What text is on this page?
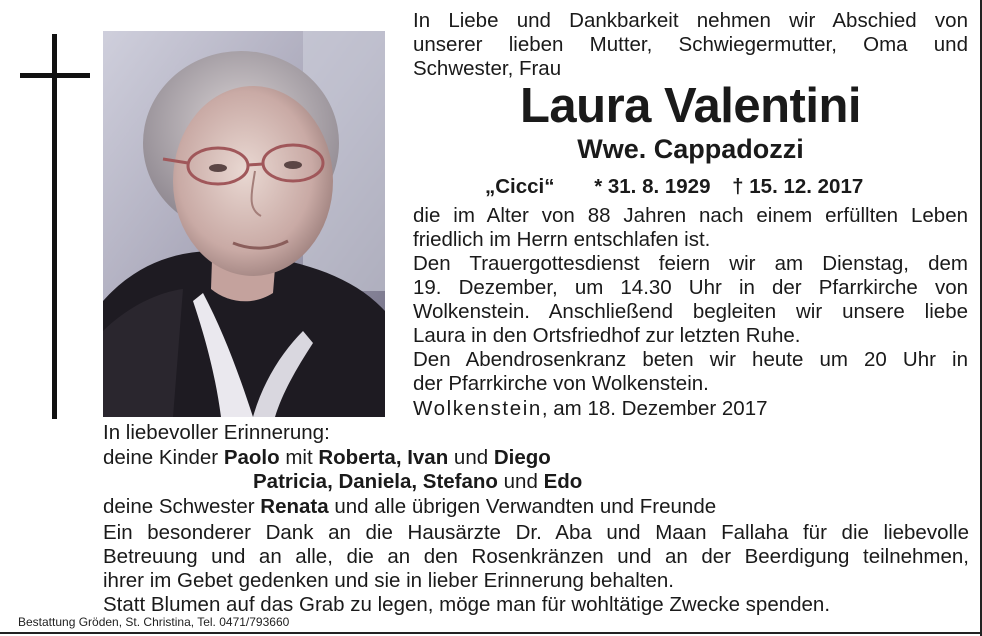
In Liebe und Dankbarkeit nehmen wir Abschied von
unserer lieben Mutter, Schwiegermutter, Oma und
Schwester, Frau
Laura Valentini
Wwe. Cappadozzi
„Cicci“ * 31. 8. 1929 † 15. 12. 2017
die im Alter von 88 Jahren nach einem erfüllten Leben
friedlich im Herrn entschlafen ist.
Den Trauergottesdienst feiern wir am Dienstag, dem
19. Dezember, um 14.30 Uhr in der Pfarrkirche von
Wolkenstein. Anschließend begleiten wir unsere liebe
Laura in den Ortsfriedhof zur letzten Ruhe.
Den Abendrosenkranz beten wir heute um 20 Uhr in
der Pfarrkirche von Wolkenstein.
Wolkenstein, am 18. Dezember 2017
In liebevoller Erinnerung:
deine Kinder Paolo mit Roberta, Ivan und Diego
Patricia, Daniela, Stefano und Edo
deine Schwester Renata und alle übrigen Verwandten und Freunde
Ein besonderer Dank an die Hausärzte Dr. Aba und Maan Fallaha für die liebevolle
Betreuung und an alle, die an den Rosenkränzen und an der Beerdigung teilnehmen,
ihrer im Gebet gedenken und sie in lieber Erinnerung behalten.
Statt Blumen auf das Grab zu legen, möge man für wohltätige Zwecke spenden.
Bestattung Gröden, St. Christina, Tel. 0471/793660
